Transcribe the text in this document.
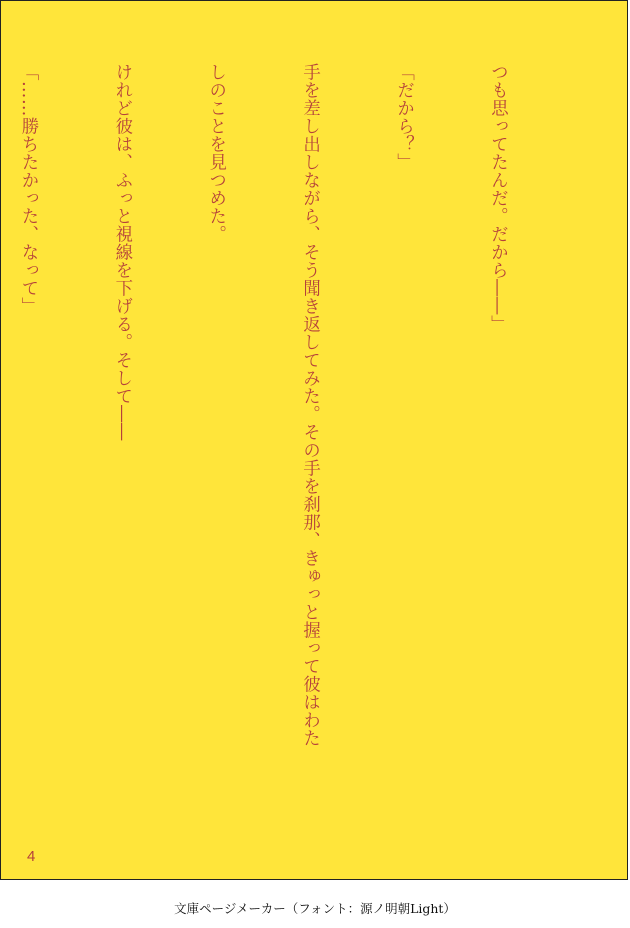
つも思ってたんだ。だから――」

「だから？」

手を差し出しながら、そう聞き返してみた。その手を刹那、きゅっと握って彼はわた

しのことを見つめた。

けれど彼は、ふっと視線を下げる。そして――

「……勝ちたかった、なって」

4
文庫ページメーカー（フォント：源ノ明朝Light）
